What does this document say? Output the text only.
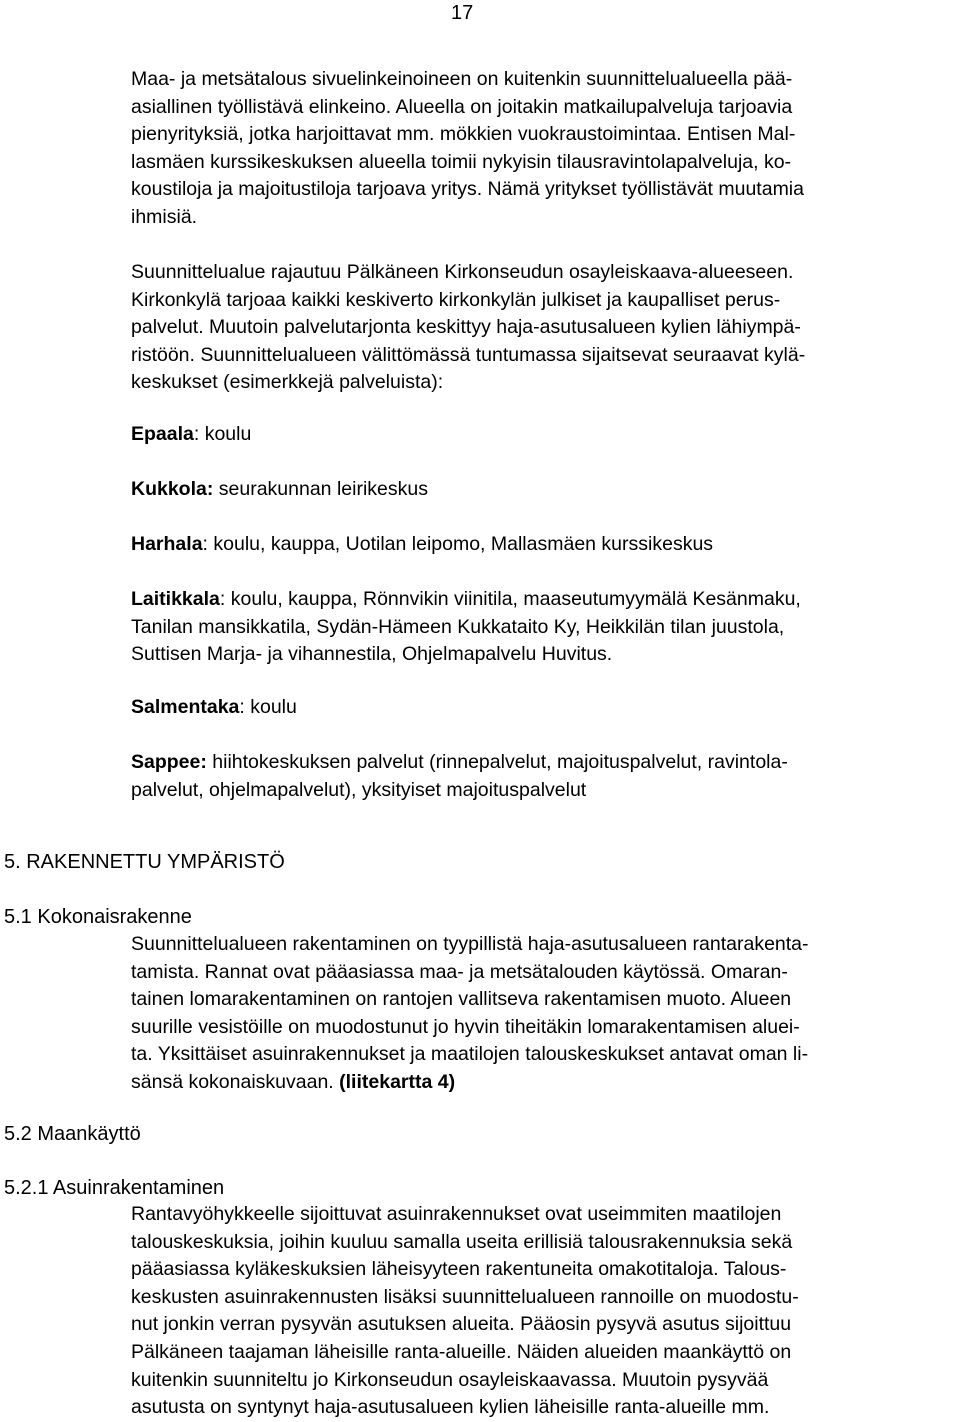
17
Maa- ja metsätalous sivuelinkeinoineen on kuitenkin suunnittelualueella pää-
asiallinen työllistävä elinkeino. Alueella on joitakin matkailupalveluja tarjoavia
pienyrityksiä, jotka harjoittavat mm. mökkien vuokraustoimintaa. Entisen Mal-
lasmäen kurssikeskuksen alueella toimii nykyisin tilausravintolapalveluja, ko-
koustiloja ja majoitustiloja tarjoava yritys. Nämä yritykset työllistävät muutamia
ihmisiä.
Suunnittelualue rajautuu Pälkäneen Kirkonseudun osayleiskaava-alueeseen.
Kirkonkylä tarjoaa kaikki keskiverto kirkonkylän julkiset ja kaupalliset perus-
palvelut. Muutoin palvelutarjonta keskittyy haja-asutusalueen kylien lähiympä-
ristöön. Suunnittelualueen välittömässä tuntumassa sijaitsevat seuraavat kylä-
keskukset (esimerkkejä palveluista):
Epaala: koulu
Kukkola: seurakunnan leirikeskus
Harhala: koulu, kauppa, Uotilan leipomo, Mallasmäen kurssikeskus
Laitikkala: koulu, kauppa, Rönnvikin viinitila, maaseutumyymälä Kesänmaku,
Tanilan mansikkatila, Sydän-Hämeen Kukkataito Ky, Heikkilän tilan juustola,
Suttisen Marja- ja vihannestila, Ohjelmapalvelu Huvitus.
Salmentaka: koulu
Sappee: hiihtokeskuksen palvelut (rinnepalvelut, majoituspalvelut, ravintola-
palvelut, ohjelmapalvelut), yksityiset majoituspalvelut
5. RAKENNETTU YMPÄRISTÖ
5.1 Kokonaisrakenne
Suunnittelualueen rakentaminen on tyypillistä haja-asutusalueen rantarakenta-
tamista. Rannat ovat pääasiassa maa- ja metsätalouden käytössä. Omaran-
tainen lomarakentaminen on rantojen vallitseva rakentamisen muoto. Alueen
suurille vesistöille on muodostunut jo hyvin tiheitäkin lomarakentamisen aluei-
ta. Yksittäiset asuinrakennukset ja maatilojen talouskeskukset antavat oman li-
sänsä kokonaiskuvaan. (liitekartta 4)
5.2 Maankäyttö
5.2.1 Asuinrakentaminen
Rantavyöhykkeelle sijoittuvat asuinrakennukset ovat useimmiten maatilojen
talouskeskuksia, joihin kuuluu samalla useita erillisiä talousrakennuksia sekä
pääasiassa kyläkeskuksien läheisyyteen rakentuneita omakotitaloja. Talous-
keskusten asuinrakennusten lisäksi suunnittelualueen rannoille on muodostu-
nut jonkin verran pysyvän asutuksen alueita. Pääosin pysyvä asutus sijoittuu
Pälkäneen taajaman läheisille ranta-alueille. Näiden alueiden maankäyttö on
kuitenkin suunniteltu jo Kirkonseudun osayleiskaavassa. Muutoin pysyvää
asutusta on syntynyt haja-asutusalueen kylien läheisille ranta-alueille mm.
